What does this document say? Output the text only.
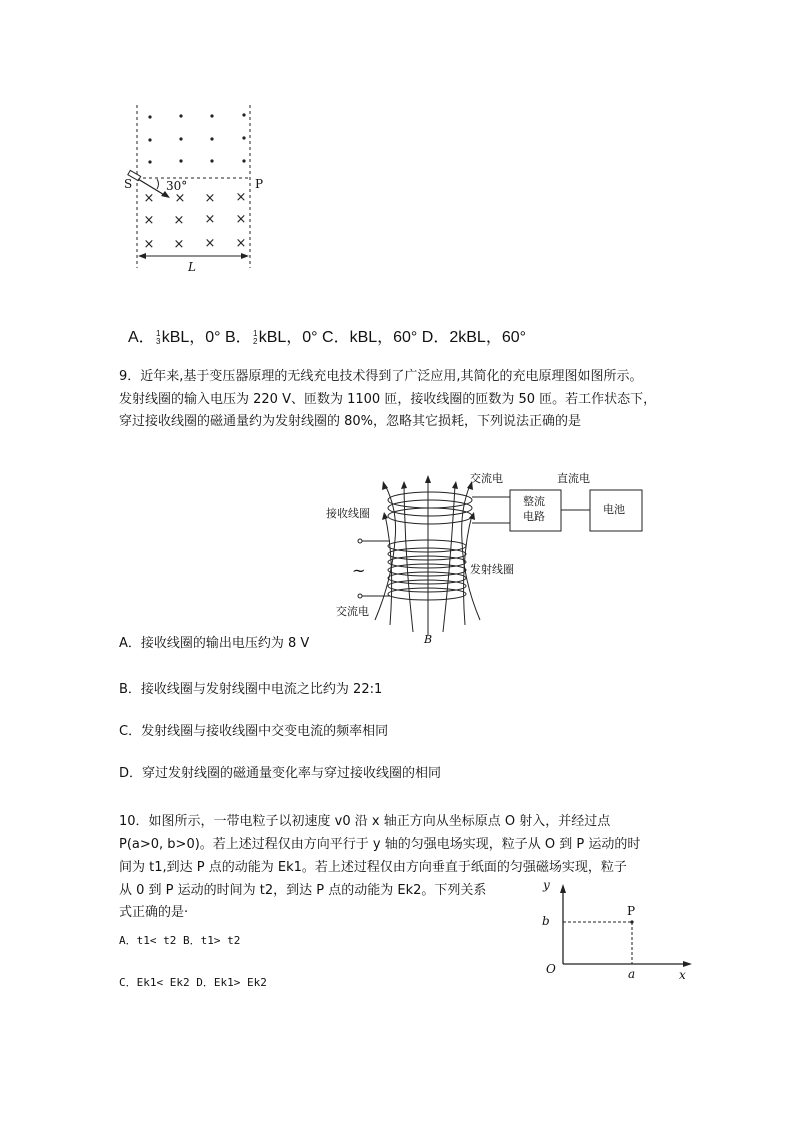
× × × ×
× × × ×
× × × ×
S	P
30°
L
A．1
3kBL，0° B．1
2kBL，0° C．kBL，60° D．2kBL，60°
9．近年来,基于变压器原理的无线充电技术得到了广泛应用,其简化的充电原理图如图所示。
发射线圈的输入电压为 220 V、匝数为 1100 匝，接收线圈的匝数为 50 匝。若工作状态下，
穿过接收线圈的磁通量约为发射线圈的 80%，忽略其它损耗，下列说法正确的是
交流电	直流电
整流
电路
电池
接收线圈
发射线圈
交流电
~
B
A．接收线圈的输出电压约为 8 V
B．接收线圈与发射线圈中电流之比约为 22:1
C．发射线圈与接收线圈中交变电流的频率相同
D．穿过发射线圈的磁通量变化率与穿过接收线圈的相同
10．如图所示，一带电粒子以初速度 v0 沿 x 轴正方向从坐标原点 O 射入，并经过点
P(a>0, b>0)。若上述过程仅由方向平行于 y 轴的匀强电场实现，粒子从 O 到 P 运动的时
间为 t1,到达 P 点的动能为 Ek1。若上述过程仅由方向垂直于纸面的匀强磁场实现，粒子
从 0 到 P 运动的时间为 t2，到达 P 点的动能为 Ek2。下列关系
式正确的是·
A．t1< t2 B．t1> t2
C．Ek1< Ek2 D．Ek1> Ek2
y
b
P
O	a	x
